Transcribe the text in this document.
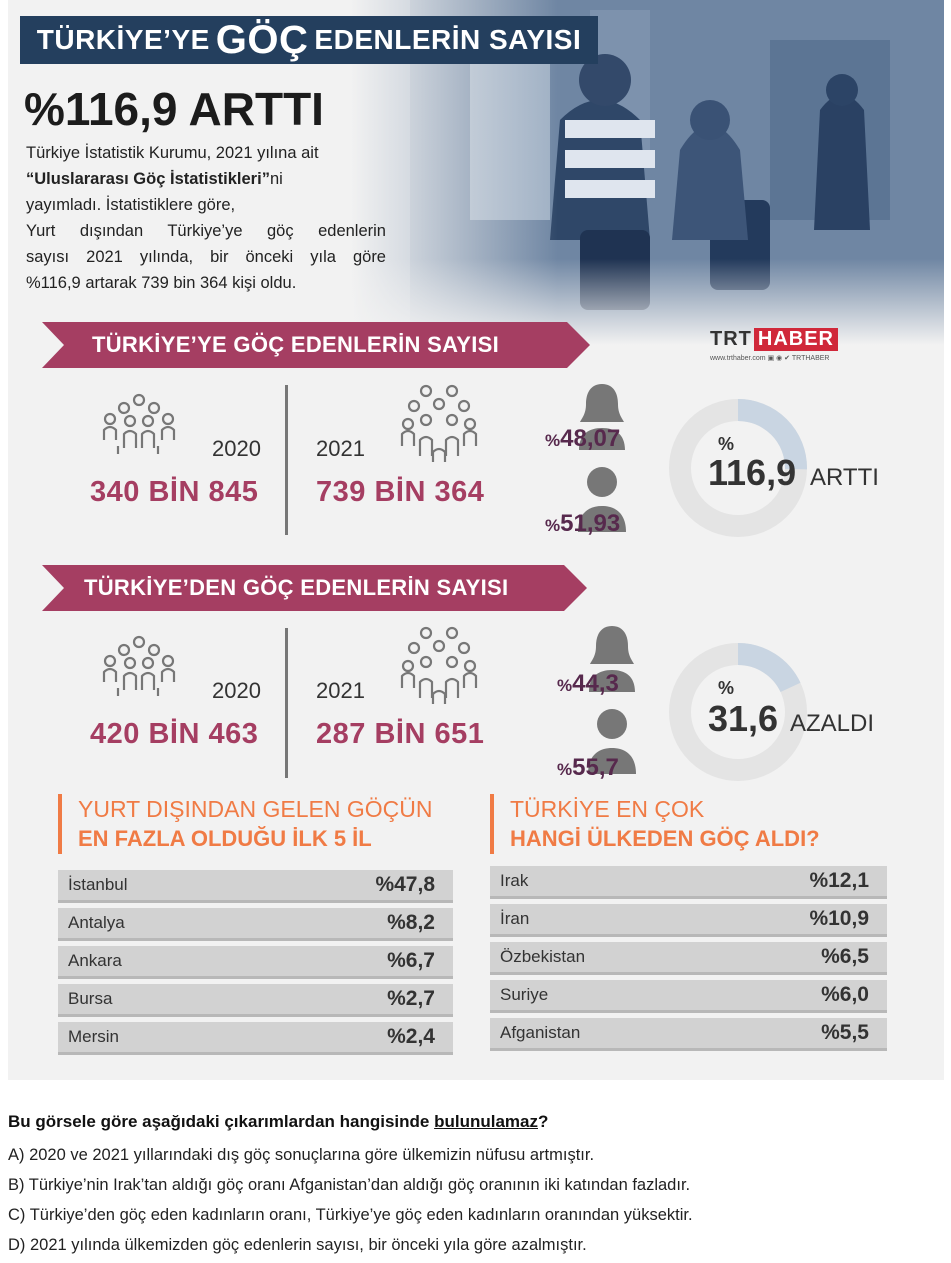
TÜRKİYE’YE GÖÇ EDENLERİN SAYISI
%116,9 ARTTI
Türkiye İstatistik Kurumu, 2021 yılına ait
“Uluslararası Göç İstatistikleri”ni
yayımladı. İstatistiklere göre,
Yurt dışından Türkiye’ye göç edenlerin
sayısı 2021 yılında, bir önceki yıla göre
%116,9 artarak 739 bin 364 kişi oldu.
TÜRKİYE’YE GÖÇ EDENLERİN SAYISI	TRT HABER
www.trthaber.com ▣ ◉ ✔ TRTHABER
2020
340 BİN 845
2021
739 BİN 364
%48,07
%51,93
%
116,9 ARTTI
TÜRKİYE’DEN GÖÇ EDENLERİN SAYISI
2020
420 BİN 463
2021
287 BİN 651
%44,3
%55,7
%
31,6 AZALDI
YURT DIŞINDAN GELEN GÖÇÜN
EN FAZLA OLDUĞU İLK 5 İL
İstanbul	%47,8
Antalya	%8,2
Ankara	%6,7
Bursa	%2,7
Mersin	%2,4
TÜRKİYE EN ÇOK
HANGİ ÜLKEDEN GÖÇ ALDI?
Irak	%12,1
İran	%10,9
Özbekistan	%6,5
Suriye	%6,0
Afganistan	%5,5
Bu görsele göre aşağıdaki çıkarımlardan hangisinde bulunulamaz?
A) 2020 ve 2021 yıllarındaki dış göç sonuçlarına göre ülkemizin nüfusu artmıştır.
B) Türkiye’nin Irak’tan aldığı göç oranı Afganistan’dan aldığı göç oranının iki katından fazladır.
C) Türkiye’den göç eden kadınların oranı, Türkiye’ye göç eden kadınların oranından yüksektir.
D) 2021 yılında ülkemizden göç edenlerin sayısı, bir önceki yıla göre azalmıştır.
